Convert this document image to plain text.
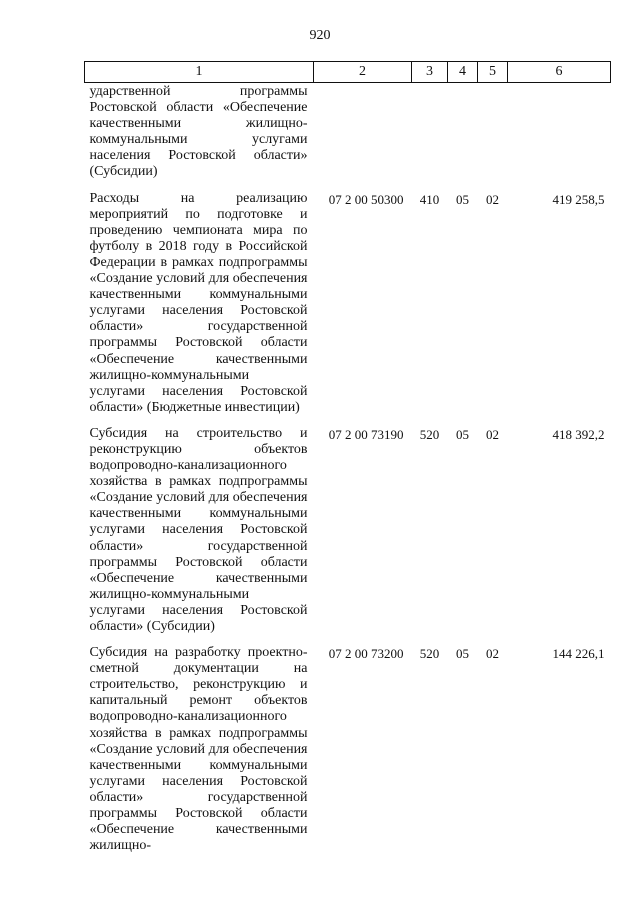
920
1	2	3	4	5	6

ударственной программы Ростовской области «Обеспечение качественными жилищно-коммунальными услугами населения Ростовской области» (Субсидии)					

Расходы на реализацию мероприятий по подготовке и проведению чемпионата мира по футболу в 2018 году в Российской Федерации в рамках подпрограммы «Создание условий для обеспечения качественными коммунальными услугами населения Ростовской области» государственной программы Ростовской области «Обеспечение качественными жилищно-коммунальными услугами населения Ростовской области» (Бюджетные инвестиции)	07 2 00 50300	410	05	02	419 258,5

Субсидия на строительство и реконструкцию объектов водопроводно-канализационного хозяйства в рамках подпрограммы «Создание условий для обеспечения качественными коммунальными услугами населения Ростовской области» государственной программы Ростовской области «Обеспечение качественными жилищно-коммунальными услугами населения Ростовской области» (Субсидии)	07 2 00 73190	520	05	02	418 392,2

Субсидия на разработку проектно-сметной документации на строительство, реконструкцию и капитальный ремонт объектов водопроводно-канализационного хозяйства в рамках подпрограммы «Создание условий для обеспечения качественными коммунальными услугами населения Ростовской области» государственной программы Ростовской области «Обеспечение качественными жилищно-	07 2 00 73200	520	05	02	144 226,1
